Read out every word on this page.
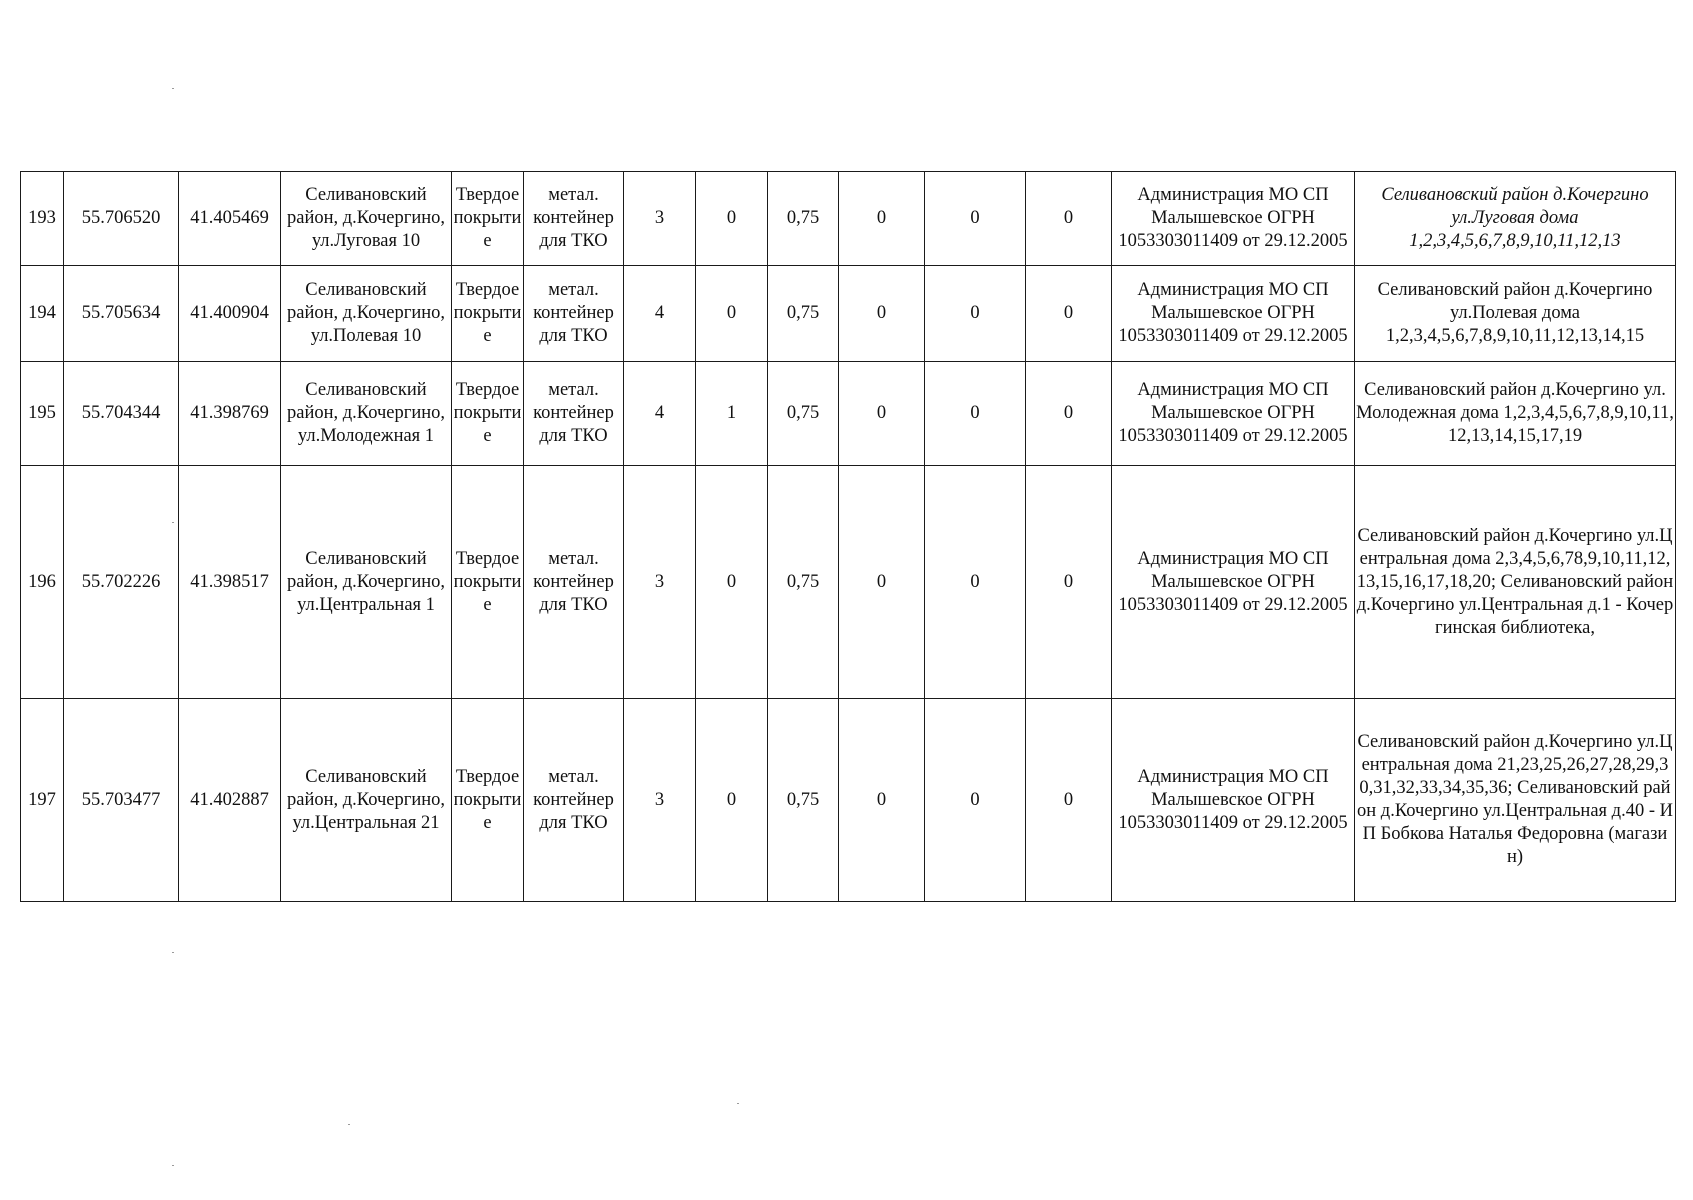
193	55.706520	41.405469	Селивановский район, д.Кочергино, ул.Луговая 10	Твердое покрытие	метал. контейнер для ТКО	3	0	0,75	0	0	0	Администрация МО СП Малышевское ОГРН 1053303011409 от 29.12.2005	Селивановский район д.Кочергино ул.Луговая дома 1,2,3,4,5,6,7,8,9,10,11,12,13
194	55.705634	41.400904	Селивановский район, д.Кочергино, ул.Полевая 10	Твердое покрытие	метал. контейнер для ТКО	4	0	0,75	0	0	0	Администрация МО СП Малышевское ОГРН 1053303011409 от 29.12.2005	Селивановский район д.Кочергино ул.Полевая дома 1,2,3,4,5,6,7,8,9,10,11,12,13,14,15
195	55.704344	41.398769	Селивановский район, д.Кочергино, ул.Молодежная 1	Твердое покрытие	метал. контейнер для ТКО	4	1	0,75	0	0	0	Администрация МО СП Малышевское ОГРН 1053303011409 от 29.12.2005	Селивановский район д.Кочергино ул.Молодежная дома 1,2,3,4,5,6,7,8,9,10,11,12,13,14,15,17,19
196	55.702226	41.398517	Селивановский район, д.Кочергино, ул.Центральная 1	Твердое покрытие	метал. контейнер для ТКО	3	0	0,75	0	0	0	Администрация МО СП Малышевское ОГРН 1053303011409 от 29.12.2005	Селивановский район д.Кочергино ул.Центральная дома 2,3,4,5,6,78,9,10,11,12,13,15,16,17,18,20; Селивановский район д.Кочергино ул.Центральная д.1 - Кочергинская библиотека,
197	55.703477	41.402887	Селивановский район, д.Кочергино, ул.Центральная 21	Твердое покрытие	метал. контейнер для ТКО	3	0	0,75	0	0	0	Администрация МО СП Малышевское ОГРН 1053303011409 от 29.12.2005	Селивановский район д.Кочергино ул.Центральная дома 21,23,25,26,27,28,29,30,31,32,33,34,35,36; Селивановский район д.Кочергино ул.Центральная д.40 - ИП Бобкова Наталья Федоровна (магазин)
